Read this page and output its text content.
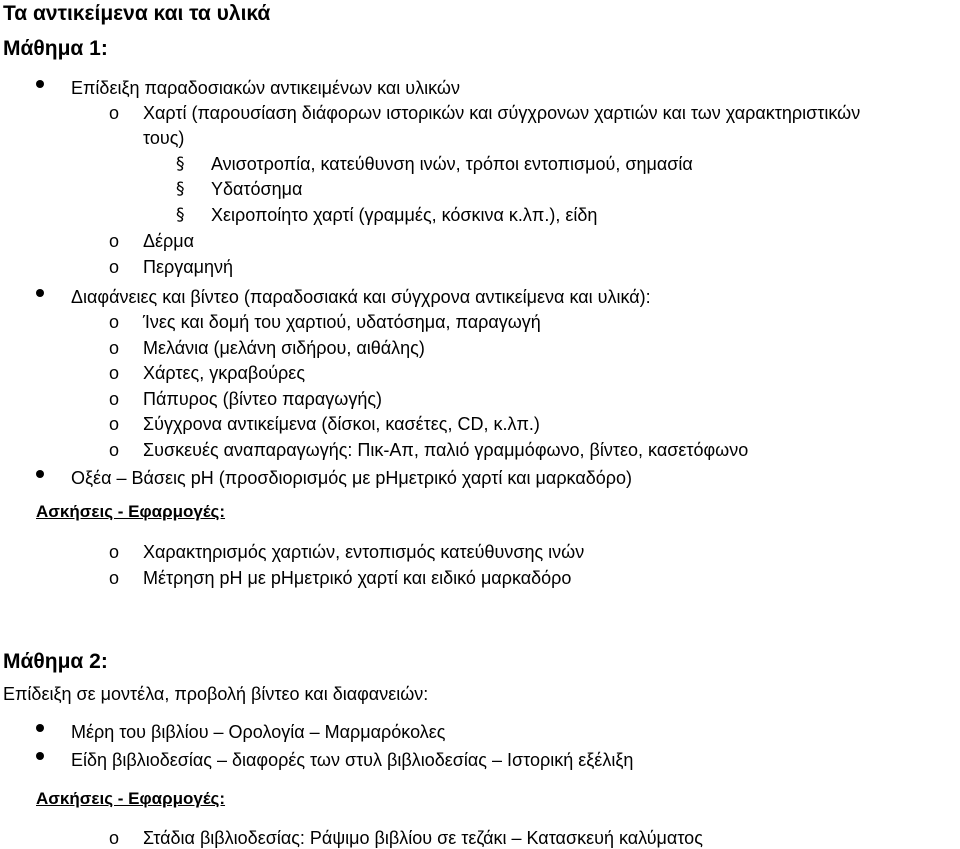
Τα αντικείμενα και τα υλικά
Μάθημα 1:
Επίδειξη παραδοσιακών αντικειμένων και υλικών
o Χαρτί (παρουσίαση διάφορων ιστορικών και σύγχρονων χαρτιών και των χαρακτηριστικών
τους)
§ Ανισοτροπία, κατεύθυνση ινών, τρόποι εντοπισμού, σημασία
§ Υδατόσημα
§ Χειροποίητο χαρτί (γραμμές, κόσκινα κ.λπ.), είδη
o Δέρμα
o Περγαμηνή
Διαφάνειες και βίντεο (παραδοσιακά και σύγχρονα αντικείμενα και υλικά):
o Ίνες και δομή του χαρτιού, υδατόσημα, παραγωγή
o Μελάνια (μελάνη σιδήρου, αιθάλης)
o Χάρτες, γκραβούρες
o Πάπυρος (βίντεο παραγωγής)
o Σύγχρονα αντικείμενα (δίσκοι, κασέτες, CD, κ.λπ.)
o Συσκευές αναπαραγωγής: Πικ-Απ, παλιό γραμμόφωνο, βίντεο, κασετόφωνο
Οξέα – Βάσεις pH (προσδιορισμός με pHμετρικό χαρτί και μαρκαδόρο)
Ασκήσεις - Εφαρμογές:
o Χαρακτηρισμός χαρτιών, εντοπισμός κατεύθυνσης ινών
o Μέτρηση pH με pHμετρικό χαρτί και ειδικό μαρκαδόρο
Μάθημα 2:
Επίδειξη σε μοντέλα, προβολή βίντεο και διαφανειών:
Μέρη του βιβλίου – Ορολογία – Μαρμαρόκολες
Είδη βιβλιοδεσίας – διαφορές των στυλ βιβλιοδεσίας – Ιστορική εξέλιξη
Ασκήσεις - Εφαρμογές:
o Στάδια βιβλιοδεσίας: Ράψιμο βιβλίου σε τεζάκι – Κατασκευή καλύματος
